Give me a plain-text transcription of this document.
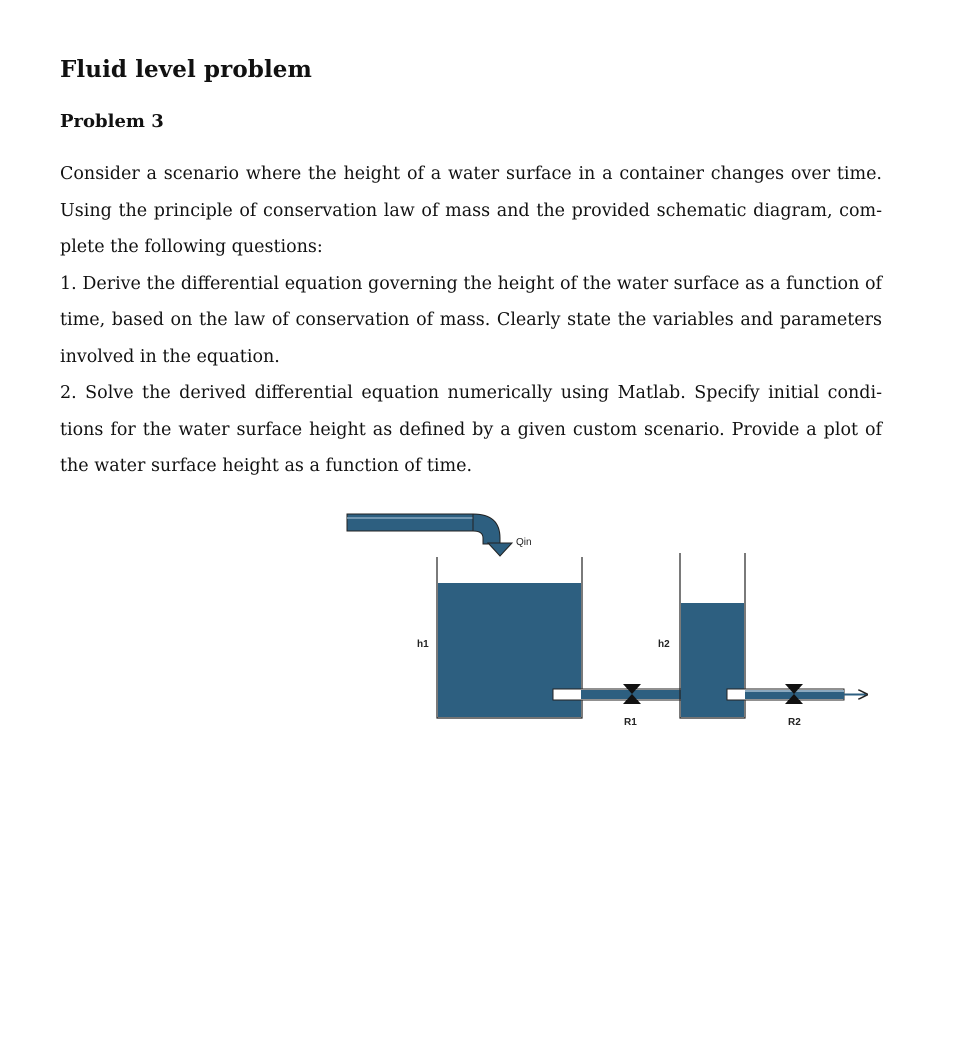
Fluid level problem
Problem 3

Consider a scenario where the height of a water surface in a container changes over time. Using the principle of conservation law of mass and the provided schematic diagram, com- plete the following questions:

1. Derive the differential equation governing the height of the water surface as a function of time, based on the law of conservation of mass. Clearly state the variables and parameters involved in the equation.

2. Solve the derived differential equation numerically using Matlab. Specify initial condi- tions for the water surface height as defined by a given custom scenario. Provide a plot of the water surface height as a function of time.

Qin
h1
R1
h2
R2
